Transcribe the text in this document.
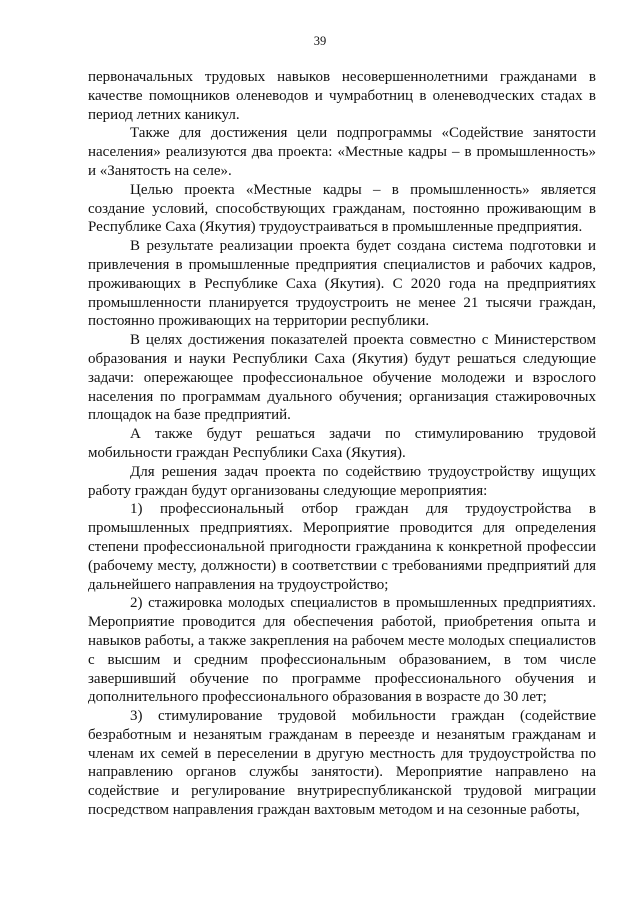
39

первоначальных трудовых навыков несовершеннолетними гражданами в качестве помощников оленеводов и чумработниц в оленеводческих стадах в период летних каникул.

Также для достижения цели подпрограммы «Содействие занятости населения» реализуются два проекта: «Местные кадры – в промышленность» и «Занятость на селе».

Целью проекта «Местные кадры – в промышленность» является создание условий, способствующих гражданам, постоянно проживающим в Республике Саха (Якутия) трудоустраиваться в промышленные предприятия.

В результате реализации проекта будет создана система подготовки и привлечения в промышленные предприятия специалистов и рабочих кадров, проживающих в Республике Саха (Якутия). С 2020 года на предприятиях промышленности планируется трудоустроить не менее 21 тысячи граждан, постоянно проживающих на территории республики.

В целях достижения показателей проекта совместно с Министерством образования и науки Республики Саха (Якутия) будут решаться следующие задачи: опережающее профессиональное обучение молодежи и взрослого населения по программам дуального обучения; организация стажировочных площадок на базе предприятий.

А также будут решаться задачи по стимулированию трудовой мобильности граждан Республики Саха (Якутия).

Для решения задач проекта по содействию трудоустройству ищущих работу граждан будут организованы следующие мероприятия:

1) профессиональный отбор граждан для трудоустройства в промышленных предприятиях. Мероприятие проводится для определения степени профессиональной пригодности гражданина к конкретной профессии (рабочему месту, должности) в соответствии с требованиями предприятий для дальнейшего направления на трудоустройство;

2) стажировка молодых специалистов в промышленных предприятиях. Мероприятие проводится для обеспечения работой, приобретения опыта и навыков работы, а также закрепления на рабочем месте молодых специалистов с высшим и средним профессиональным образованием, в том числе завершивший обучение по программе профессионального обучения и дополнительного профессионального образования в возрасте до 30 лет;

3) стимулирование трудовой мобильности граждан (содействие безработным и незанятым гражданам в переезде и незанятым гражданам и членам их семей в переселении в другую местность для трудоустройства по направлению органов службы занятости). Мероприятие направлено на содействие и регулирование внутриреспубликанской трудовой миграции посредством направления граждан вахтовым методом и на сезонные работы,
